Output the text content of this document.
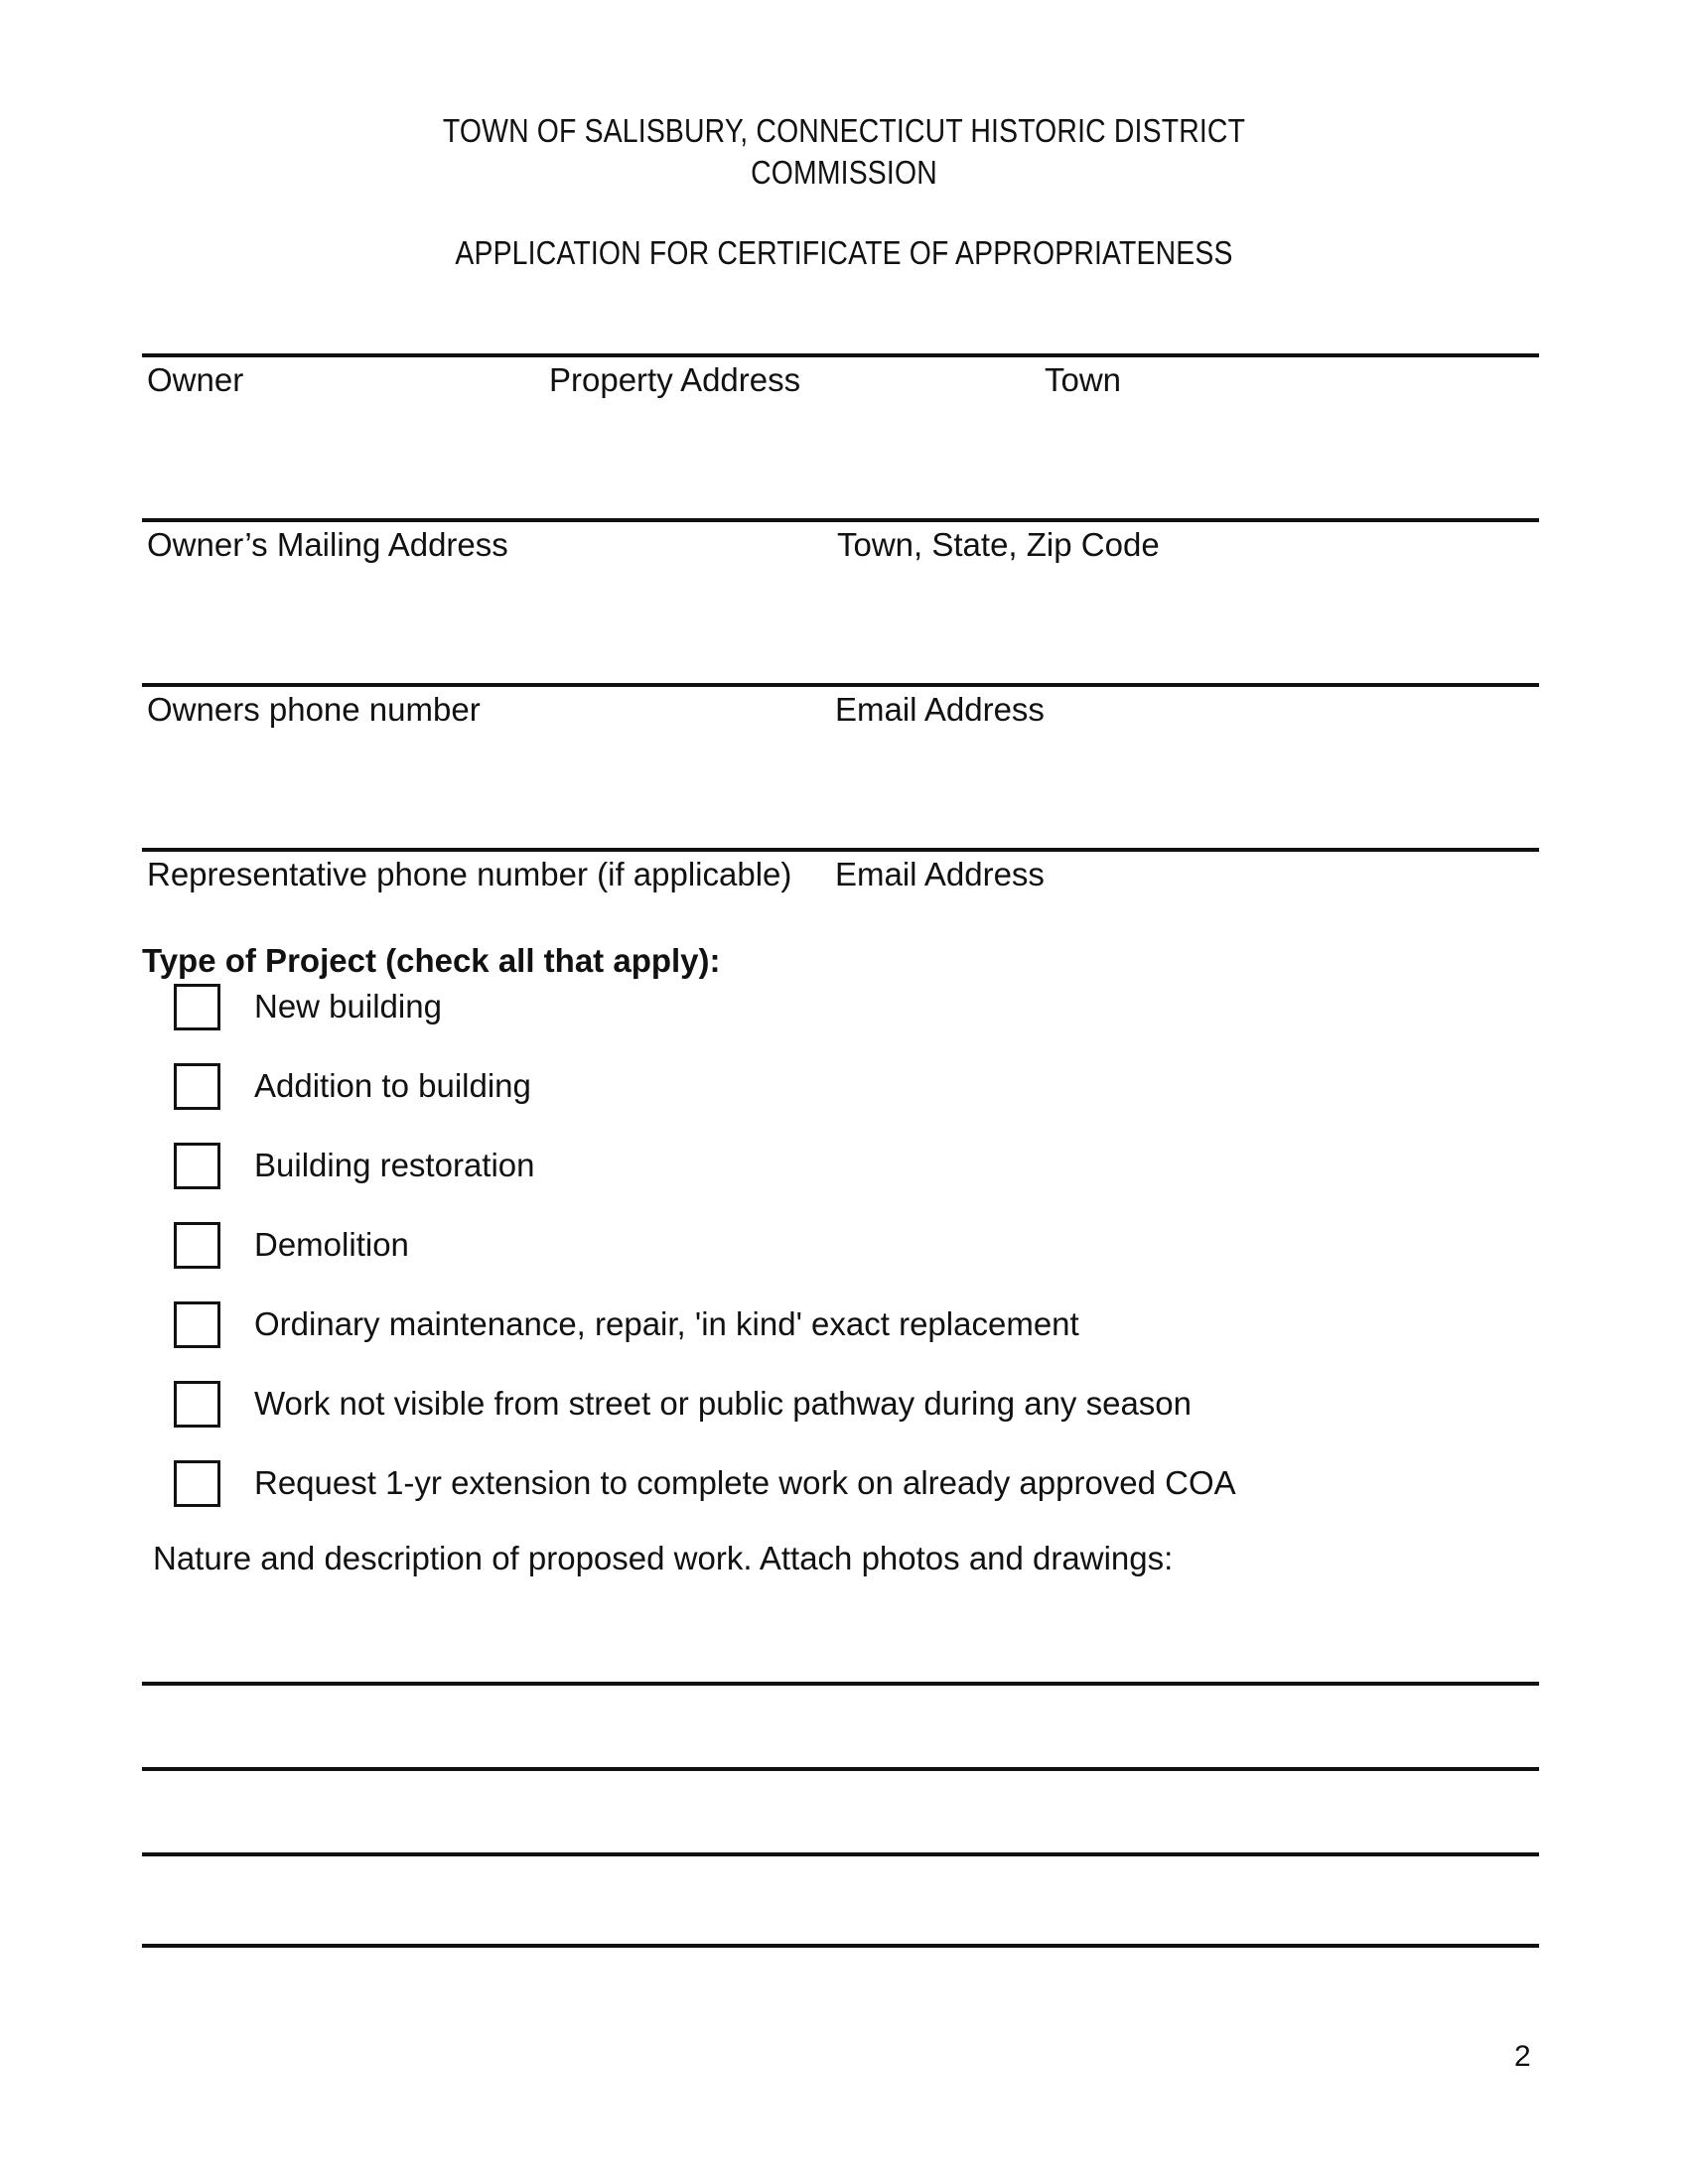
TOWN OF SALISBURY, CONNECTICUT HISTORIC DISTRICT
COMMISSION
APPLICATION FOR CERTIFICATE OF APPROPRIATENESS
Owner	Property Address	Town
Owner’s Mailing Address	Town, State, Zip Code
Owners phone number	Email Address
Representative phone number (if applicable) Email Address
Type of Project (check all that apply):
New building
Addition to building
Building restoration
Demolition
Ordinary maintenance, repair, 'in kind' exact replacement
Work not visible from street or public pathway during any season
Request 1-yr extension to complete work on already approved COA
Nature and description of proposed work. Attach photos and drawings:
2
